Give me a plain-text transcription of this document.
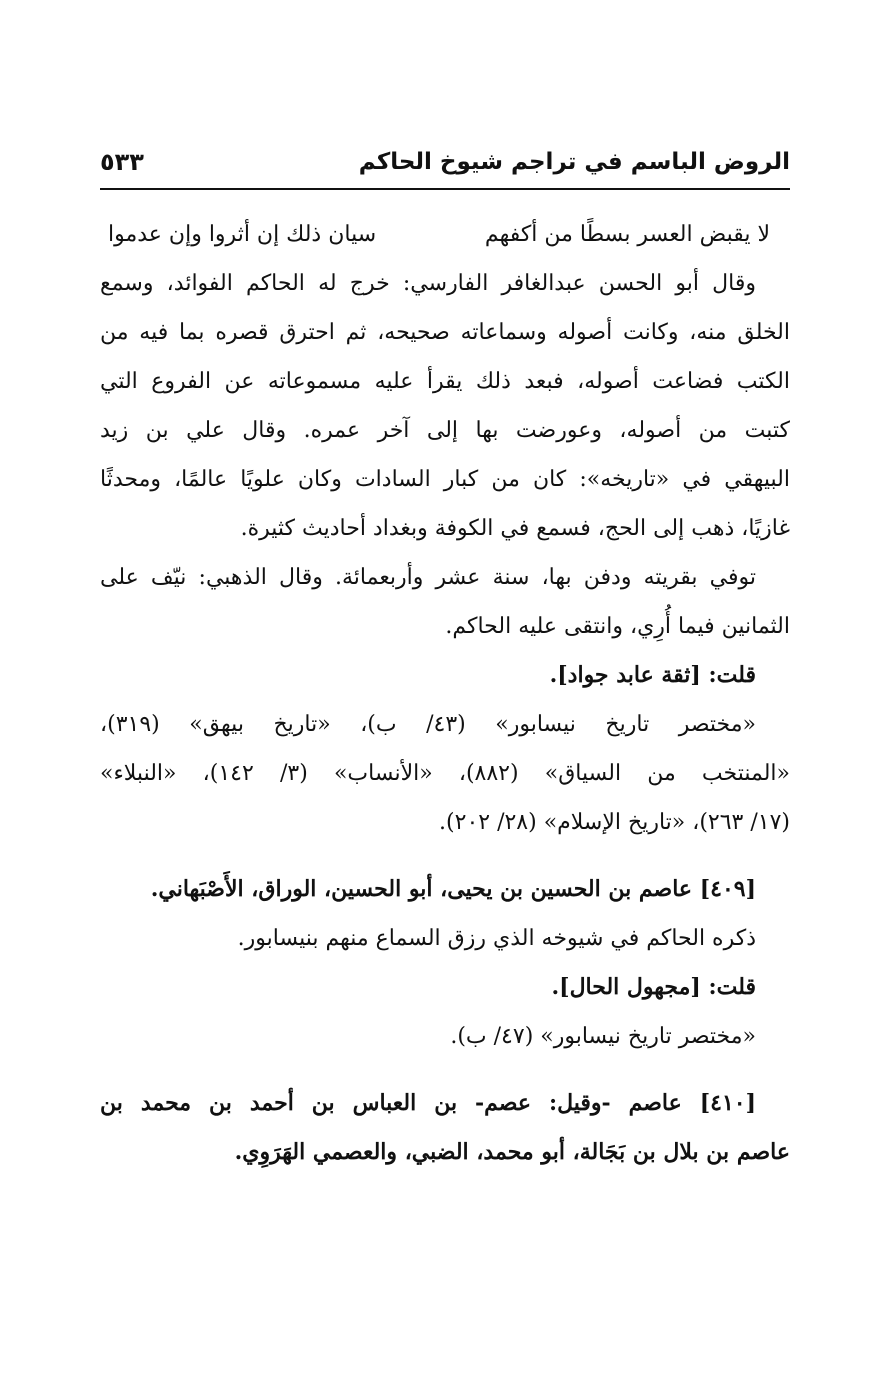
الروض الباسم في تراجم شيوخ الحاكم
٥٣٣
لا يقبض العسر بسطًا من أكفهم
سيان ذلك إن أثروا وإن عدموا
وقال أبو الحسن عبدالغافر الفارسي: خرج له الحاكم الفوائد، وسمع
الخلق منه، وكانت أصوله وسماعاته صحيحه، ثم احترق قصره بما فيه من
الكتب فضاعت أصوله، فبعد ذلك يقرأ عليه مسموعاته عن الفروع التي
كتبت من أصوله، وعورضت بها إلى آخر عمره. وقال علي بن زيد
البيهقي في «تاريخه»: كان من كبار السادات وكان علويًا عالمًا، ومحدثًا
غازيًا، ذهب إلى الحج، فسمع في الكوفة وبغداد أحاديث كثيرة.
توفي بقريته ودفن بها، سنة عشر وأربعمائة. وقال الذهبي: نيّف على
الثمانين فيما أُرِي، وانتقى عليه الحاكم.
قلت: [ثقة عابد جواد].
«مختصر تاريخ نيسابور» (٤٣/ ب)، «تاريخ بيهق» (٣١٩)،
«المنتخب من السياق» (٨٨٢)، «الأنساب» (٣/ ١٤٢)، «النبلاء»
(١٧/ ٢٦٣)، «تاريخ الإسلام» (٢٨/ ٢٠٢).
[٤٠٩] عاصم بن الحسين بن يحيى، أبو الحسين، الوراق، الأَصْبَهاني.
ذكره الحاكم في شيوخه الذي رزق السماع منهم بنيسابور.
قلت: [مجهول الحال].
«مختصر تاريخ نيسابور» (٤٧/ ب).
[٤١٠] عاصم -وقيل: عصم- بن العباس بن أحمد بن محمد بن
عاصم بن بلال بن بَجَالة، أبو محمد، الضبي، والعصمي الهَرَوِي.
